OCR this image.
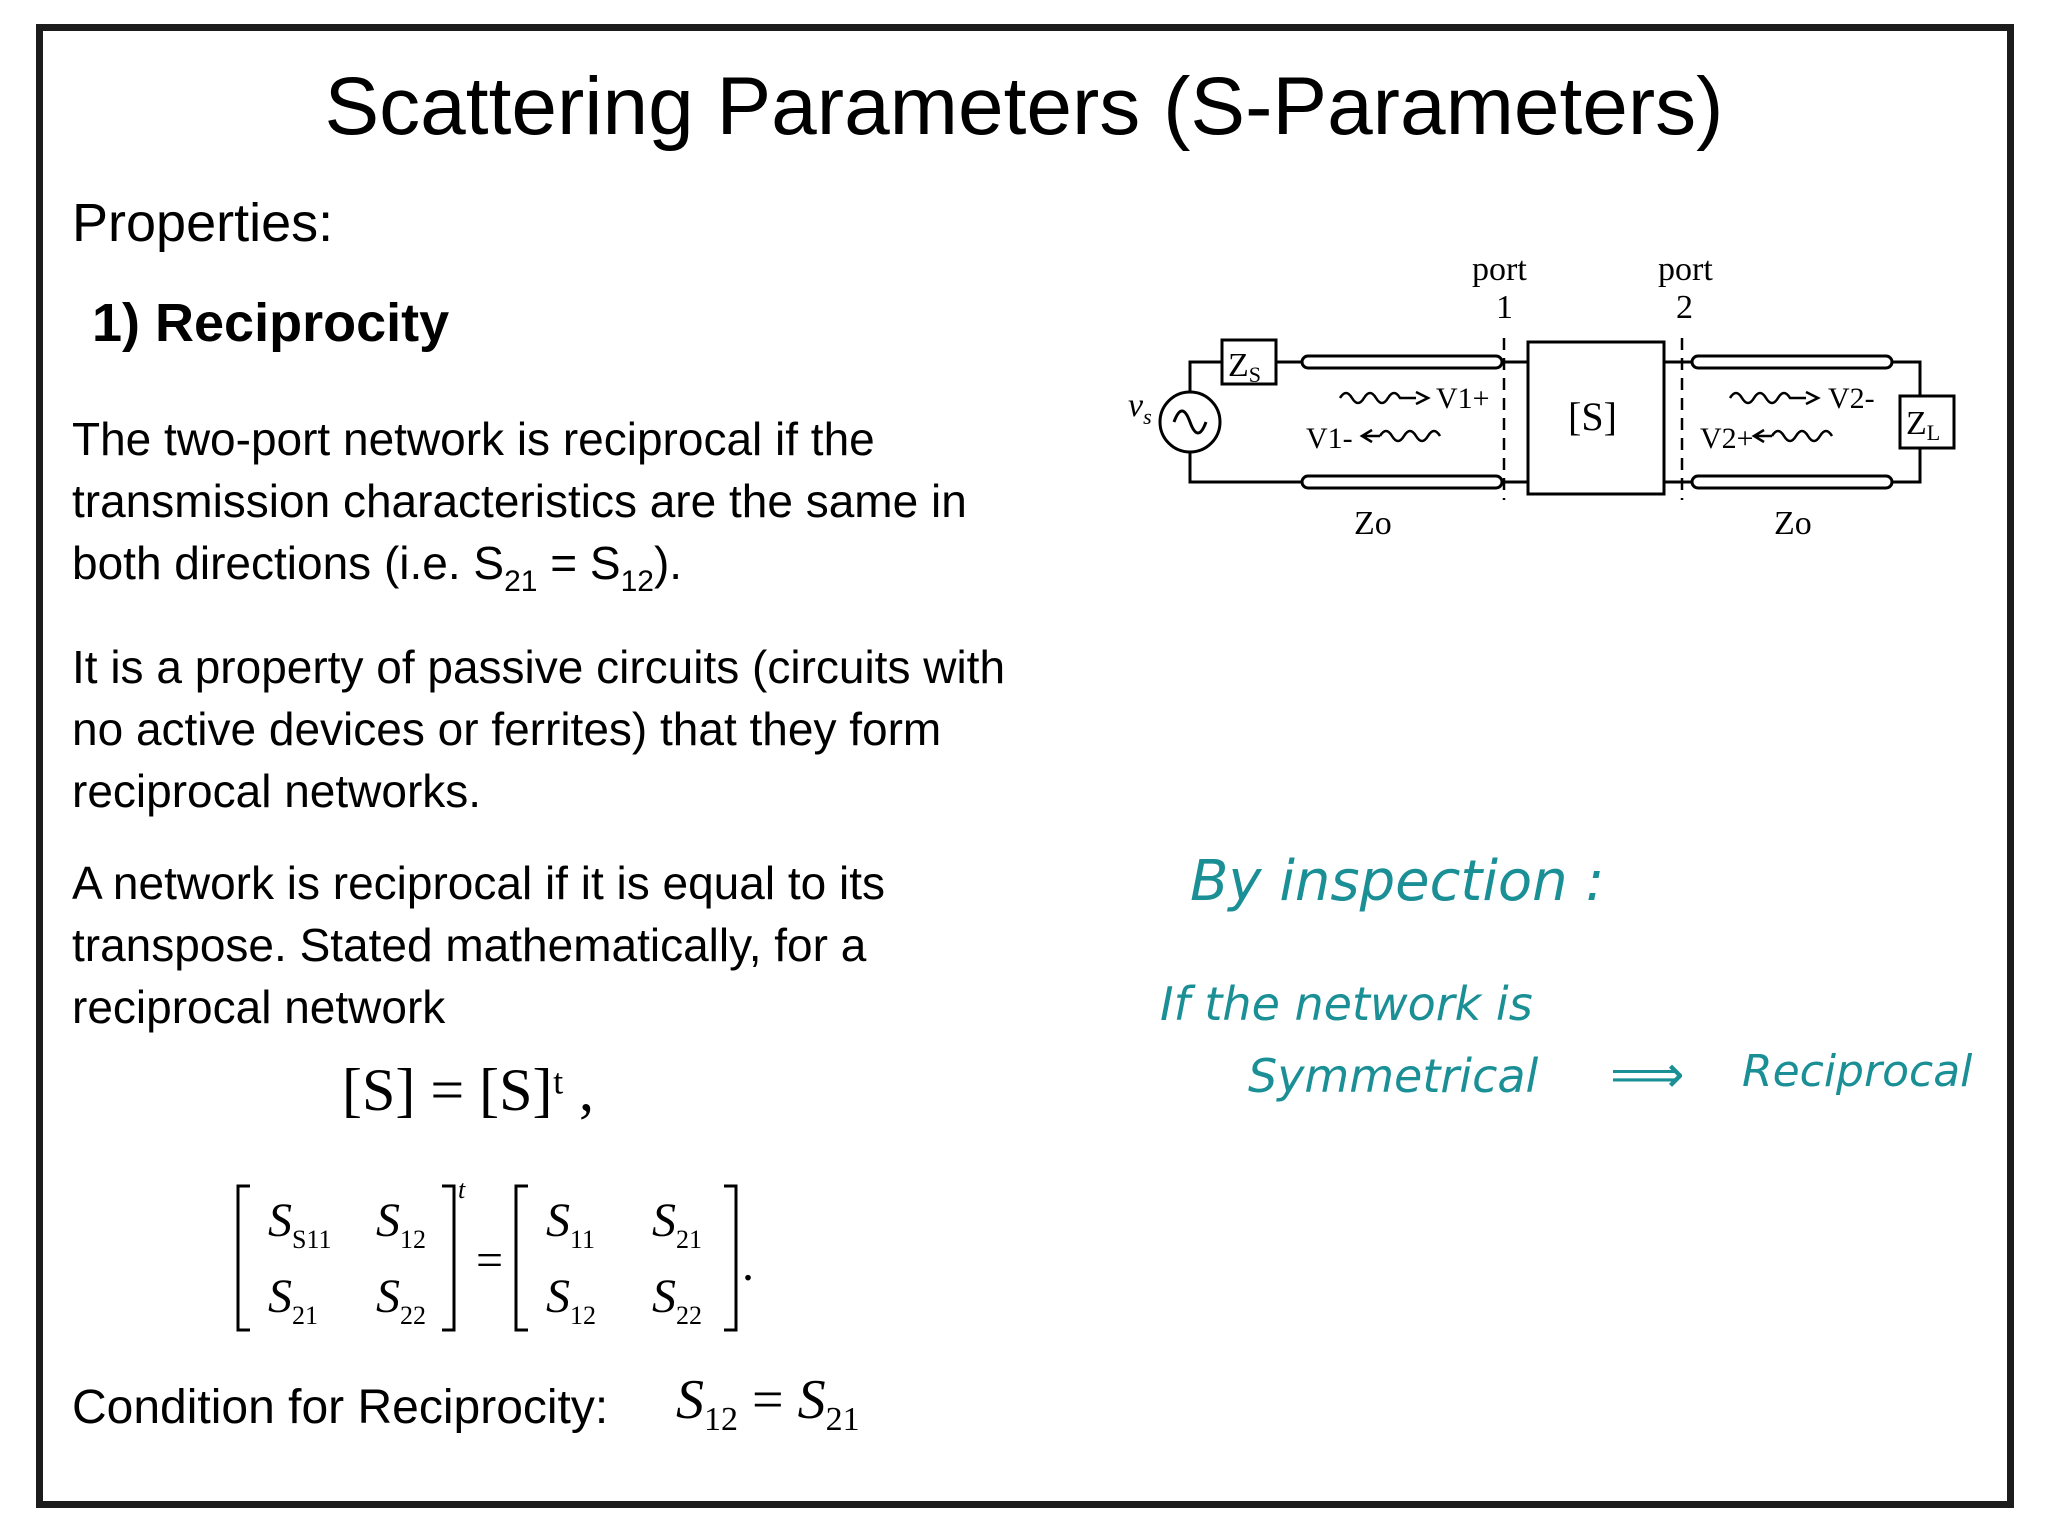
Scattering Parameters (S-Parameters)
Properties:
1) Reciprocity

The two-port network is reciprocal if the
transmission characteristics are the same in
both directions (i.e. $S_{21} = S_{12}$).

It is a property of passive circuits (circuits with
no active devices or ferrites) that they form
reciprocal networks.

A network is reciprocal if it is equal to its
transpose. Stated mathematically, for a
reciprocal network

[S] = [S]ᵗ ,
$S_{S11}$ $S_{12}$
$S_{21}$ $S_{22}$
$S_{11}$ $S_{21}$
$S_{12}$ $S_{22}$
t
=	.
Condition for Reciprocity: $S_{12} = S_{21}$
port
1
port
2
$v_s$
ZS
ZL
[S]
Zo	Zo
V1+
V1-
V2-
V2+
By inspection :
If the network is
Symmetrical ⟹ Reciprocal
